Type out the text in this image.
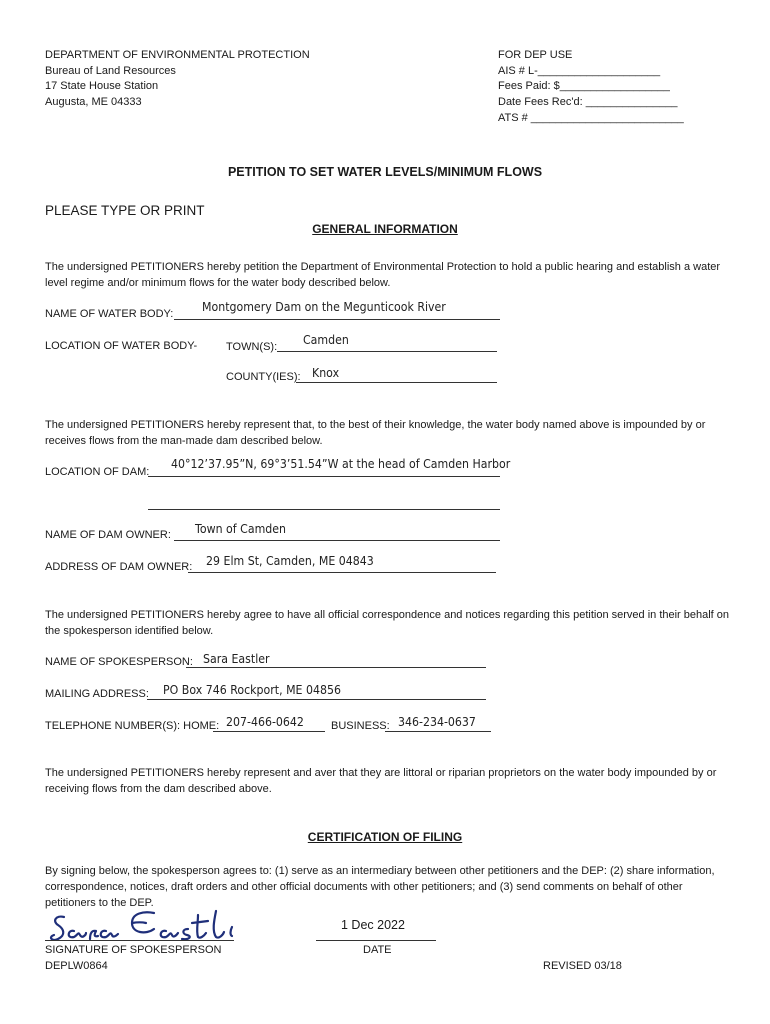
DEPARTMENT OF ENVIRONMENTAL PROTECTION
Bureau of Land Resources
17 State House Station
Augusta, ME 04333
FOR DEP USE
AIS # L-____________________
Fees Paid: $__________________
Date Fees Rec'd: _______________
ATS # _________________________
PETITION TO SET WATER LEVELS/MINIMUM FLOWS
PLEASE TYPE OR PRINT
GENERAL INFORMATION
The undersigned PETITIONERS hereby petition the Department of Environmental Protection to hold a public hearing and establish a water level regime and/or minimum flows for the water body described below.
NAME OF WATER BODY: Montgomery Dam on the Megunticook River
LOCATION OF WATER BODY-	TOWN(S): Camden
COUNTY(IES): Knox
The undersigned PETITIONERS hereby represent that, to the best of their knowledge, the water body named above is impounded by or receives flows from the man-made dam described below.
LOCATION OF DAM:
40°12’37.95”N, 69°3’51.54”W at the head of Camden Harbor
NAME OF DAM OWNER: Town of Camden
ADDRESS OF DAM OWNER: 29 Elm St, Camden, ME 04843
The undersigned PETITIONERS hereby agree to have all official correspondence and notices regarding this petition served in their behalf on the spokesperson identified below.
NAME OF SPOKESPERSON: Sara Eastler
MAILING ADDRESS: PO Box 746 Rockport, ME 04856
TELEPHONE NUMBER(S): HOME: 207-466-0642 BUSINESS: 346-234-0637
The undersigned PETITIONERS hereby represent and aver that they are littoral or riparian proprietors on the water body impounded by or receiving flows from the dam described above.
CERTIFICATION OF FILING
By signing below, the spokesperson agrees to: (1) serve as an intermediary between other petitioners and the DEP: (2) share information, correspondence, notices, draft orders and other official documents with other petitioners; and (3) send comments on behalf of other petitioners to the DEP.
SIGNATURE OF SPOKESPERSON
1 Dec 2022
DATE
DEPLW0864	REVISED 03/18
